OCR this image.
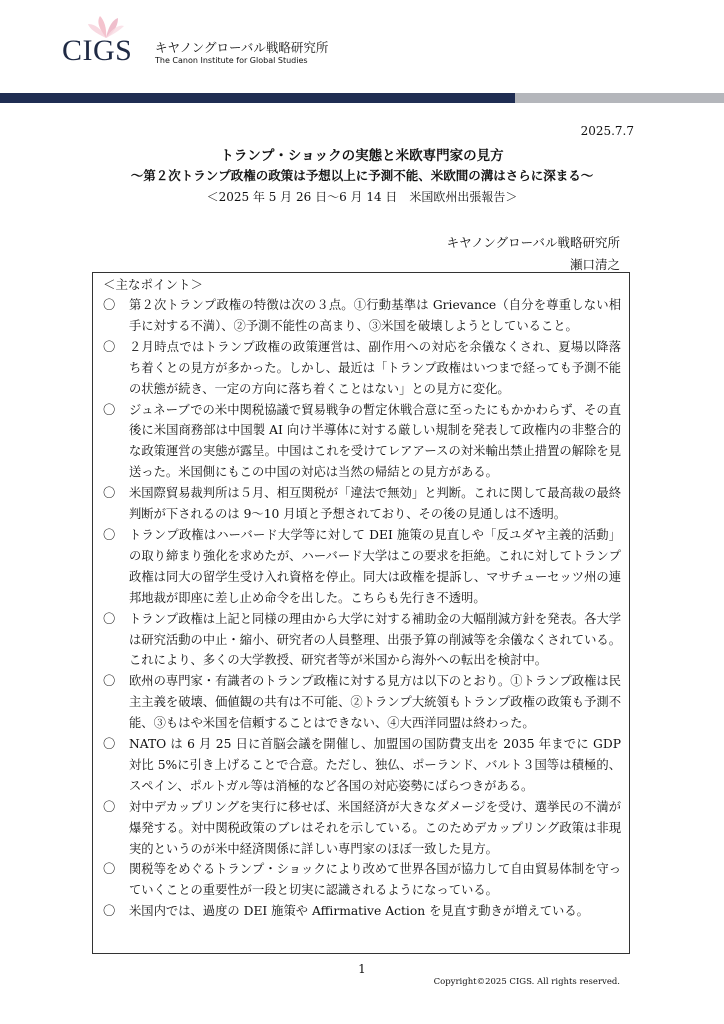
CIGS キヤノングローバル戦略研究所
The Canon Institute for Global Studies
2025.7.7
トランプ・ショックの実態と米欧専門家の見方
～第２次トランプ政権の政策は予想以上に予測不能、米欧間の溝はさらに深まる～
＜2025 年 5 月 26 日～6 月 14 日　米国欧州出張報告＞
キヤノングローバル戦略研究所
瀬口清之
＜主なポイント＞
〇	第２次トランプ政権の特徴は次の３点。①行動基準は Grievance（自分を尊重しない相手に対する不満）、②予測不能性の高まり、③米国を破壊しようとしていること。
〇	２月時点ではトランプ政権の政策運営は、副作用への対応を余儀なくされ、夏場以降落ち着くとの見方が多かった。しかし、最近は「トランプ政権はいつまで経っても予測不能の状態が続き、一定の方向に落ち着くことはない」との見方に変化。
〇	ジュネーブでの米中関税協議で貿易戦争の暫定休戦合意に至ったにもかかわらず、その直後に米国商務部は中国製 AI 向け半導体に対する厳しい規制を発表して政権内の非整合的な政策運営の実態が露呈。中国はこれを受けてレアアースの対米輸出禁止措置の解除を見送った。米国側にもこの中国の対応は当然の帰結との見方がある。
〇	米国際貿易裁判所は５月、相互関税が「違法で無効」と判断。これに関して最高裁の最終判断が下されるのは 9～10 月頃と予想されており、その後の見通しは不透明。
〇	トランプ政権はハーバード大学等に対して DEI 施策の見直しや「反ユダヤ主義的活動」の取り締まり強化を求めたが、ハーバード大学はこの要求を拒絶。これに対してトランプ政権は同大の留学生受け入れ資格を停止。同大は政権を提訴し、マサチューセッツ州の連邦地裁が即座に差し止め命令を出した。こちらも先行き不透明。
〇	トランプ政権は上記と同様の理由から大学に対する補助金の大幅削減方針を発表。各大学は研究活動の中止・縮小、研究者の人員整理、出張予算の削減等を余儀なくされている。これにより、多くの大学教授、研究者等が米国から海外への転出を検討中。
〇	欧州の専門家・有識者のトランプ政権に対する見方は以下のとおり。①トランプ政権は民主主義を破壊、価値観の共有は不可能、②トランプ大統領もトランプ政権の政策も予測不能、③もはや米国を信頼することはできない、④大西洋同盟は終わった。
〇	NATO は 6 月 25 日に首脳会議を開催し、加盟国の国防費支出を 2035 年までに GDP 対比 5%に引き上げることで合意。ただし、独仏、ポーランド、バルト３国等は積極的、スペイン、ポルトガル等は消極的など各国の対応姿勢にばらつきがある。
〇	対中デカップリングを実行に移せば、米国経済が大きなダメージを受け、選挙民の不満が爆発する。対中関税政策のブレはそれを示している。このためデカップリング政策は非現実的というのが米中経済関係に詳しい専門家のほぼ一致した見方。
〇	関税等をめぐるトランプ・ショックにより改めて世界各国が協力して自由貿易体制を守っていくことの重要性が一段と切実に認識されるようになっている。
〇	米国内では、過度の DEI 施策や Affirmative Action を見直す動きが増えている。
1
Copyright©2025 CIGS. All rights reserved.
